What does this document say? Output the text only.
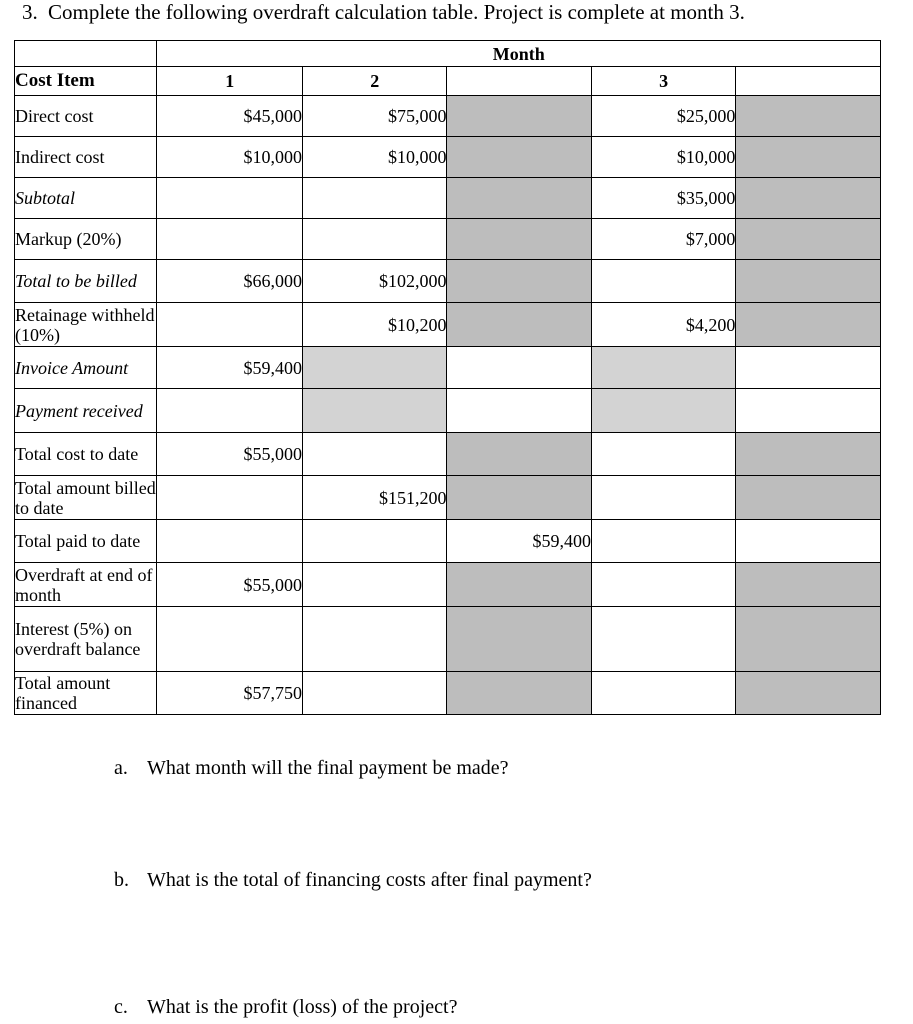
3. Complete the following overdraft calculation table. Project is complete at month 3.
	Month				
Cost Item	1	2		3	
Direct cost	$45,000	$75,000		$25,000	
Indirect cost	$10,000	$10,000		$10,000	
Subtotal				$35,000	
Markup (20%)				$7,000	
Total to be billed	$66,000	$102,000			
Retainage withheld (10%)		$10,200		$4,200	
Invoice Amount	$59,400				
Payment received					
Total cost to date	$55,000				
Total amount billed to date		$151,200			
Total paid to date			$59,400		
Overdraft at end of month	$55,000				
Interest (5%) on overdraft balance					
Total amount financed	$57,750				
a. What month will the final payment be made?
b. What is the total of financing costs after final payment?
c. What is the profit (loss) of the project?
